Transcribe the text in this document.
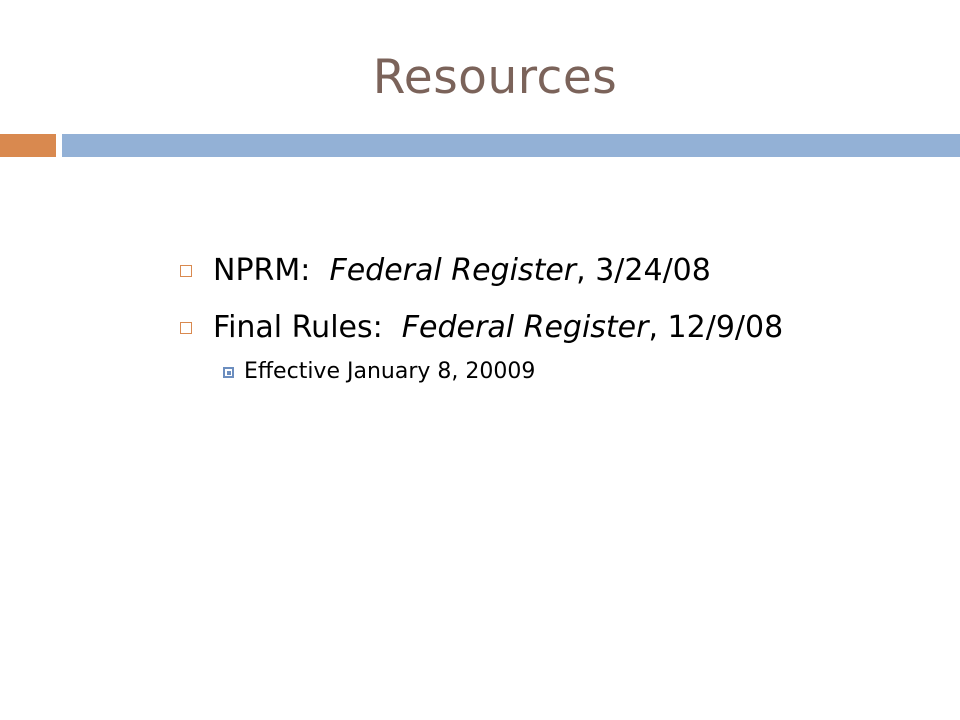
Resources
NPRM:  Federal Register, 3/24/08
Final Rules:  Federal Register, 12/9/08
Effective January 8, 20009
